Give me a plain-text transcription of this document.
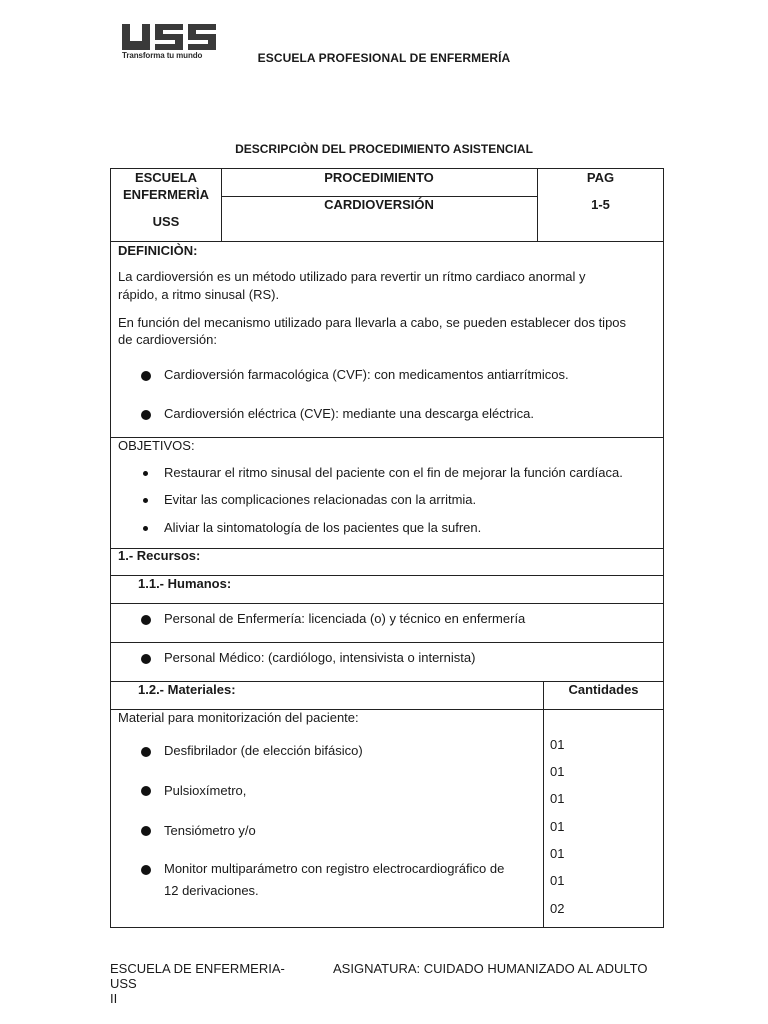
Transforma tu mundo	ESCUELA PROFESIONAL DE ENFERMERÍA
DESCRIPCIÒN DEL PROCEDIMIENTO ASISTENCIAL
ESCUELA
ENFERMERÌA
USS
PROCEDIMIENTO
CARDIOVERSIÓN
PAG
1-5
DEFINICIÒN:
La cardioversión es un método utilizado para revertir un rítmo cardiaco anormal y
rápido, a ritmo sinusal (RS).
En función del mecanismo utilizado para llevarla a cabo, se pueden establecer dos tipos
de cardioversión:
Cardioversión farmacológica (CVF): con medicamentos antiarrítmicos.
Cardioversión eléctrica (CVE): mediante una descarga eléctrica.
OBJETIVOS:
Restaurar el ritmo sinusal del paciente con el fin de mejorar la función cardíaca.
Evitar las complicaciones relacionadas con la arritmia.
Aliviar la sintomatología de los pacientes que la sufren.
1.- Recursos:
1.1.- Humanos:
Personal de Enfermería: licenciada (o) y técnico en enfermería
Personal Médico: (cardiólogo, intensivista o internista)
1.2.- Materiales:	Cantidades
Material para monitorización del paciente:
Desfibrilador (de elección bifásico)
Pulsioxímetro,
Tensiómetro y/o
Monitor multiparámetro con registro electrocardiográfico de
12 derivaciones.
01
01
01
01
01
01
02
ESCUELA DE ENFERMERIA-USS
II
ASIGNATURA: CUIDADO HUMANIZADO AL ADULTO
